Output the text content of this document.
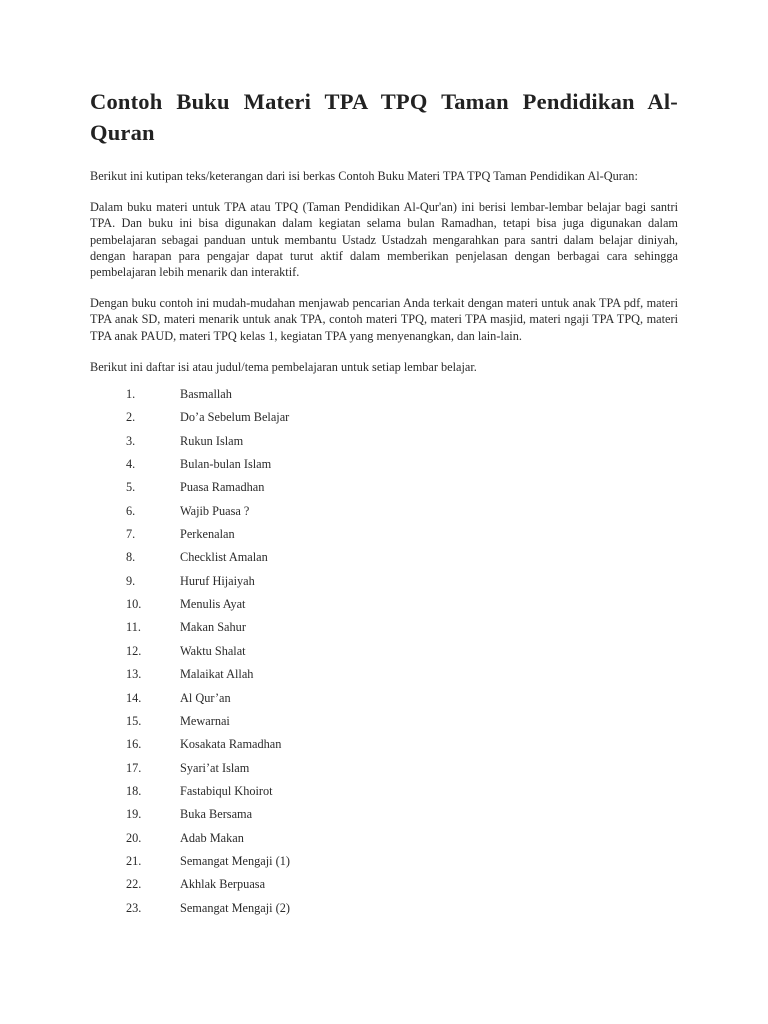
Contoh Buku Materi TPA TPQ Taman Pendidikan Al-Quran

Berikut ini kutipan teks/keterangan dari isi berkas Contoh Buku Materi TPA TPQ Taman Pendidikan Al-Quran:

Dalam buku materi untuk TPA atau TPQ (Taman Pendidikan Al-Qur'an) ini berisi lembar-lembar belajar bagi santri TPA. Dan buku ini bisa digunakan dalam kegiatan selama bulan Ramadhan, tetapi bisa juga digunakan dalam pembelajaran sebagai panduan untuk membantu Ustadz Ustadzah mengarahkan para santri dalam belajar diniyah, dengan harapan para pengajar dapat turut aktif dalam memberikan penjelasan dengan berbagai cara sehingga pembelajaran lebih menarik dan interaktif.

Dengan buku contoh ini mudah-mudahan menjawab pencarian Anda terkait dengan materi untuk anak TPA pdf, materi TPA anak SD, materi menarik untuk anak TPA, contoh materi TPQ, materi TPA masjid, materi ngaji TPA TPQ, materi TPA anak PAUD, materi TPQ kelas 1, kegiatan TPA yang menyenangkan, dan lain-lain.

Berikut ini daftar isi atau judul/tema pembelajaran untuk setiap lembar belajar.

1.	Basmallah
2.	Do’a Sebelum Belajar
3.	Rukun Islam
4.	Bulan-bulan Islam
5.	Puasa Ramadhan
6.	Wajib Puasa ?
7.	Perkenalan
8.	Checklist Amalan
9.	Huruf Hijaiyah
10.	Menulis Ayat
11.	Makan Sahur
12.	Waktu Shalat
13.	Malaikat Allah
14.	Al Qur’an
15.	Mewarnai
16.	Kosakata Ramadhan
17.	Syari’at Islam
18.	Fastabiqul Khoirot
19.	Buka Bersama
20.	Adab Makan
21.	Semangat Mengaji (1)
22.	Akhlak Berpuasa
23.	Semangat Mengaji (2)
